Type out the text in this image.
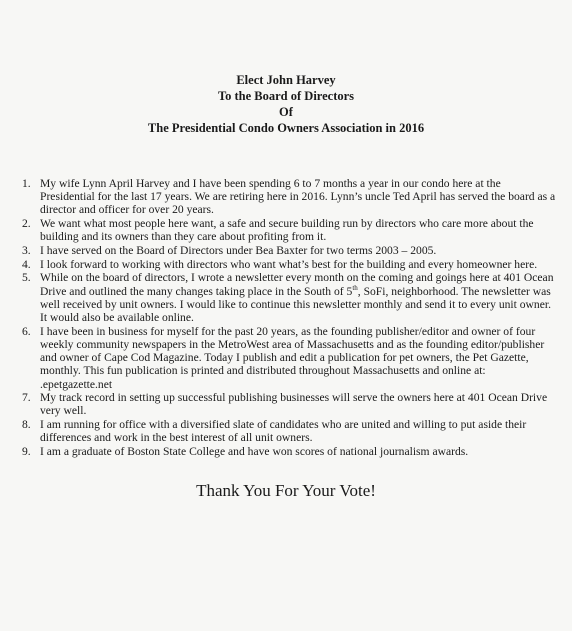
Elect John Harvey
To the Board of Directors
Of
The Presidential Condo Owners Association in 2016
1. My wife Lynn April Harvey and I have been spending 6 to 7 months a year in our condo here at the Presidential for the last 17 years. We are retiring here in 2016. Lynn’s uncle Ted April has served the board as a director and officer for over 20 years.
2. We want what most people here want, a safe and secure building run by directors who care more about the building and its owners than they care about profiting from it.
3. I have served on the Board of Directors under Bea Baxter for two terms 2003 – 2005.
4. I look forward to working with directors who want what’s best for the building and every homeowner here.
5. While on the board of directors, I wrote a newsletter every month on the coming and goings here at 401 Ocean Drive and outlined the many changes taking place in the South of 5th, SoFi, neighborhood. The newsletter was well received by unit owners. I would like to continue this newsletter monthly and send it to every unit owner. It would also be available online.
6. I have been in business for myself for the past 20 years, as the founding publisher/editor and owner of four weekly community newspapers in the MetroWest area of Massachusetts and as the founding editor/publisher and owner of Cape Cod Magazine. Today I publish and edit a publication for pet owners, the Pet Gazette, monthly. This fun publication is printed and distributed throughout Massachusetts and online at: .epetgazette.net
7. My track record in setting up successful publishing businesses will serve the owners here at 401 Ocean Drive very well.
8. I am running for office with a diversified slate of candidates who are united and willing to put aside their differences and work in the best interest of all unit owners.
9. I am a graduate of Boston State College and have won scores of national journalism awards.
Thank You For Your Vote!
